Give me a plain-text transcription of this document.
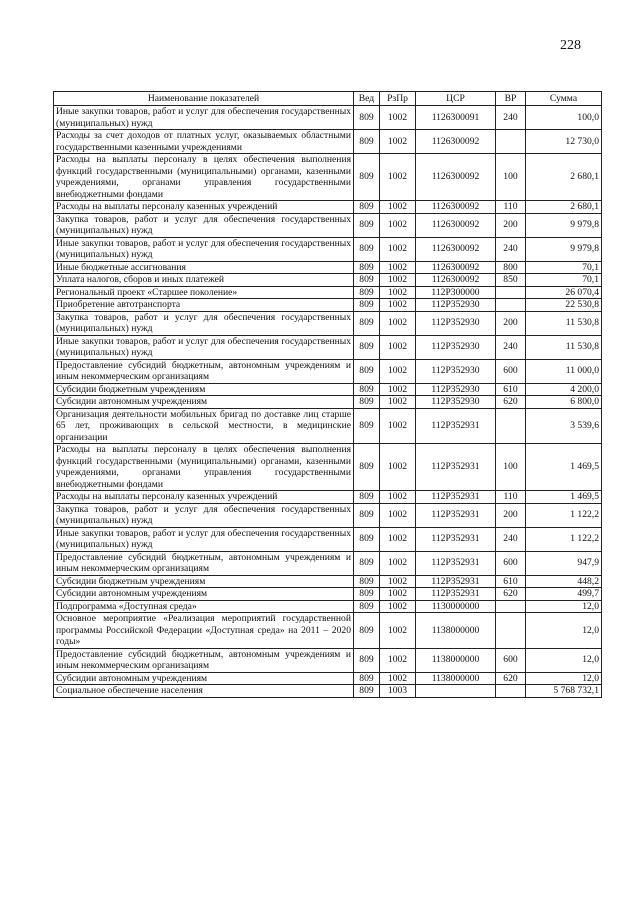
228
Наименование показателей	Вед	РзПр	ЦСР	ВР	Сумма
Иные закупки товаров, работ и услуг для обеспечения государственных (муниципальных) нужд	809	1002	1126300091	240	100,0
Расходы за счет доходов от платных услуг, оказываемых областными государственными казенными учреждениями	809	1002	1126300092		12 730,0
Расходы на выплаты персоналу в целях обеспечения выполнения функций государственными (муниципальными) органами, казенными учреждениями, органами управления государственными внебюджетными фондами	809	1002	1126300092	100	2 680,1
Расходы на выплаты персоналу казенных учреждений	809	1002	1126300092	110	2 680,1
Закупка товаров, работ и услуг для обеспечения государственных (муниципальных) нужд	809	1002	1126300092	200	9 979,8
Иные закупки товаров, работ и услуг для обеспечения государственных (муниципальных) нужд	809	1002	1126300092	240	9 979,8
Иные бюджетные ассигнования	809	1002	1126300092	800	70,1
Уплата налогов, сборов и иных платежей	809	1002	1126300092	850	70,1
Региональный проект «Старшее поколение»	809	1002	112P300000		26 070,4
Приобретение автотранспорта	809	1002	112P352930		22 530,8
Закупка товаров, работ и услуг для обеспечения государственных (муниципальных) нужд	809	1002	112P352930	200	11 530,8
Иные закупки товаров, работ и услуг для обеспечения государственных (муниципальных) нужд	809	1002	112P352930	240	11 530,8
Предоставление субсидий бюджетным, автономным учреждениям и иным некоммерческим организациям	809	1002	112P352930	600	11 000,0
Субсидии бюджетным учреждениям	809	1002	112P352930	610	4 200,0
Субсидии автономным учреждениям	809	1002	112P352930	620	6 800,0
Организация деятельности мобильных бригад по доставке лиц старше 65 лет, проживающих в сельской местности, в медицинские организации	809	1002	112P352931		3 539,6
Расходы на выплаты персоналу в целях обеспечения выполнения функций государственными (муниципальными) органами, казенными учреждениями, органами управления государственными внебюджетными фондами	809	1002	112P352931	100	1 469,5
Расходы на выплаты персоналу казенных учреждений	809	1002	112P352931	110	1 469,5
Закупка товаров, работ и услуг для обеспечения государственных (муниципальных) нужд	809	1002	112P352931	200	1 122,2
Иные закупки товаров, работ и услуг для обеспечения государственных (муниципальных) нужд	809	1002	112P352931	240	1 122,2
Предоставление субсидий бюджетным, автономным учреждениям и иным некоммерческим организациям	809	1002	112P352931	600	947,9
Субсидии бюджетным учреждениям	809	1002	112P352931	610	448,2
Субсидии автономным учреждениям	809	1002	112P352931	620	499,7
Подпрограмма «Доступная среда»	809	1002	1130000000		12,0
Основное мероприятие «Реализация мероприятий государственной программы Российской Федерации «Доступная среда» на 2011 – 2020 годы»	809	1002	1138000000		12,0
Предоставление субсидий бюджетным, автономным учреждениям и иным некоммерческим организациям	809	1002	1138000000	600	12,0
Субсидии автономным учреждениям	809	1002	1138000000	620	12,0
Социальное обеспечение населения	809	1003			5 768 732,1
